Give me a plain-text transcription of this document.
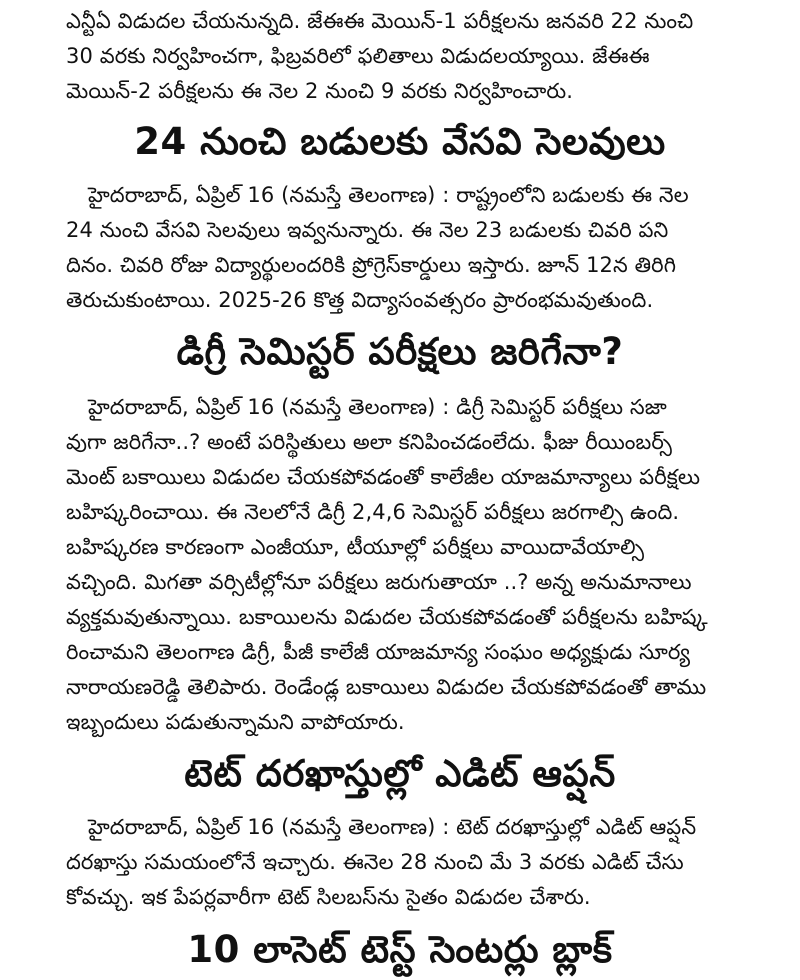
ఎన్టీఏ విడుదల చేయనున్నది. జేఈఈ మెయిన్-1 పరీక్షలను జనవరి 22 నుంచి
30 వరకు నిర్వహించగా, ఫిబ్రవరిలో ఫలితాలు విడుదలయ్యాయి. జేఈఈ
మెయిన్-2 పరీక్షలను ఈ నెల 2 నుంచి 9 వరకు నిర్వహించారు.
24 నుంచి బడులకు వేసవి సెలవులు
హైదరాబాద్, ఏప్రిల్ 16 (నమస్తే తెలంగాణ) : రాష్ట్రంలోని బడులకు ఈ నెల
24 నుంచి వేసవి సెలవులు ఇవ్వనున్నారు. ఈ నెల 23 బడులకు చివరి పని
దినం. చివరి రోజు విద్యార్థులందరికి ప్రోగ్రెస్‌కార్డులు ఇస్తారు. జూన్ 12న తిరిగి
తెరుచుకుంటాయి. 2025-26 కొత్త విద్యాసంవత్సరం ప్రారంభమవుతుంది.
డిగ్రీ సెమిస్టర్ పరీక్షలు జరిగేనా?
హైదరాబాద్, ఏప్రిల్ 16 (నమస్తే తెలంగాణ) : డిగ్రీ సెమిస్టర్ పరీక్షలు సజా
వుగా జరిగేనా..? అంటే పరిస్థితులు అలా కనిపించడంలేదు. ఫీజు రీయింబర్స్
మెంట్ బకాయిలు విడుదల చేయకపోవడంతో కాలేజీల యాజమాన్యాలు పరీక్షలు
బహిష్కరించాయి. ఈ నెలలోనే డిగ్రీ 2,4,6 సెమిస్టర్ పరీక్షలు జరగాల్సి ఉంది.
బహిష్కరణ కారణంగా ఎంజీయూ, టీయూల్లో పరీక్షలు వాయిదావేయాల్సి
వచ్చింది. మిగతా వర్సిటీల్లోనూ పరీక్షలు జరుగుతాయా ..? అన్న అనుమానాలు
వ్యక్తమవుతున్నాయి. బకాయిలను విడుదల చేయకపోవడంతో పరీక్షలను బహిష్క
రించామని తెలంగాణ డిగ్రీ, పీజీ కాలేజీ యాజమాన్య సంఘం అధ్యక్షుడు సూర్య
నారాయణరెడ్డి తెలిపారు. రెండేండ్ల బకాయిలు విడుదల చేయకపోవడంతో తాము
ఇబ్బందులు పడుతున్నామని వాపోయారు.
టెట్ దరఖాస్తుల్లో ఎడిట్ ఆప్షన్
హైదరాబాద్, ఏప్రిల్ 16 (నమస్తే తెలంగాణ) : టెట్ దరఖాస్తుల్లో ఎడిట్ ఆప్షన్
దరఖాస్తు సమయంలోనే ఇచ్చారు. ఈనెల 28 నుంచి మే 3 వరకు ఎడిట్ చేసు
కోవచ్చు. ఇక పేపర్లవారీగా టెట్ సిలబస్‌ను సైతం విడుదల చేశారు.
10 లాసెట్ టెస్ట్ సెంటర్లు బ్లాక్
